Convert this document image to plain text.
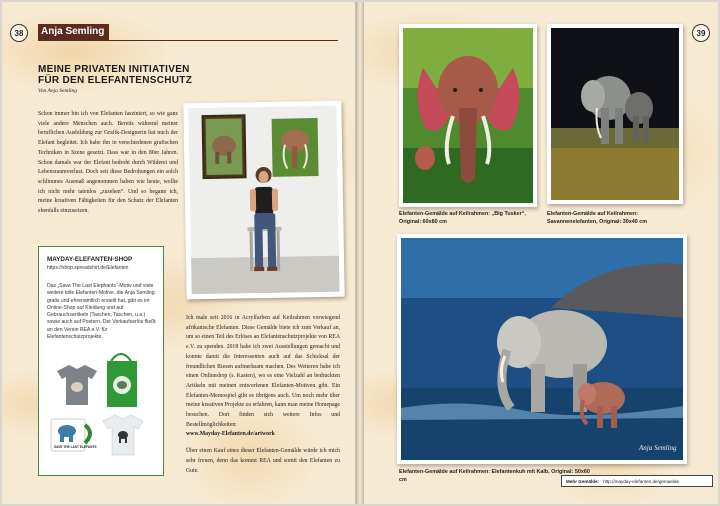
38	Anja Semling
MEINE PRIVATEN INITIATIVEN FÜR DEN ELEFANTENSCHUTZ
Von Anja Semling

Schon immer bin ich von Elefanten fasziniert, so wie ganz viele andere Menschen auch. Bereits während meiner beruflichen Ausbildung zur Grafik-Designerin hat mich der Elefant begleitet. Ich habe ihn in verschiedenen grafischen Techniken in Szene gesetzt. Dass war in den 80er Jahren. Schon damals war der Elefant bedroht durch Wilderei und Lebensraumverlust. Doch seit diese Bedrohungen ein solch schlimmes Ausmaß angenommen haben wie heute, wollte ich nicht mehr tatenlos „zusehen“. Und so begann ich, meine kreativen Fähigkeiten für den Schutz der Elefanten ebenfalls einzusetzen.

Ich male seit 2016 in Acrylfarben auf Keilrahmen vorwiegend afrikanische Elefanten. Diese Gemälde biete ich zum Verkauf an, um so einen Teil des Erlöses an Elefantenschutzprojekte von REA e.V. zu spenden. 2018 habe ich zwei Ausstellungen gemacht und konnte damit die Interessenten auch auf das Schicksal der freundlichen Riesen aufmerksam machen. Des Weiteren habe ich einen Onlineshop (s. Kasten), wo es eine Vielzahl an bedruckten Artikeln mit meinen entworfenen Elefanten-Motiven gibt. Ein Elefanten-Memospiel gibt es übrigens auch. Um noch mehr über meine kreativen Projekte zu erfahren, kann man meine Homepage besuchen. Dort finden sich weitere Infos und Bestellmöglichkeiten:
www.Mayday-Elefanten.de/artwork

Über einen Kauf eines dieser Elefanten-Gemälde würde ich mich sehr freuen, denn das kommt REA und somit den Elefanten zu Gute.

MAYDAY-ELEFANTEN-SHOP
https://shop.spreadshirt.de/Elefanten
Das „Save The Last Elephants“-Motiv und viele weitere tolle Elefanten-Motive, die Anja Semling gratis und ehrenamtlich erstellt hat, gibt es im Online-Shop auf Kleidung und auf Gebrauchsartikeln (Taschen, Taschen, u.a.) sowie auch auf Postern. Der Verkaufserlös fließt an den Verein REA e.V. für Elefantenschutzprojekte.
SAVE THE LAST ELEFANTS
39
Elefanten-Gemälde auf Keilrahmen: „Big Tusker“, Original: 60x80 cm
Elefanten-Gemälde auf Keilrahmen: Savannenelefanten, Original: 30x40 cm
Anja Semling
Elefanten-Gemälde auf Keilrahmen: Elefantenkuh mit Kalb, Original: 50x60 cm	Mehr Gemälde: http://mayday-elefanten.de/gemaelde
